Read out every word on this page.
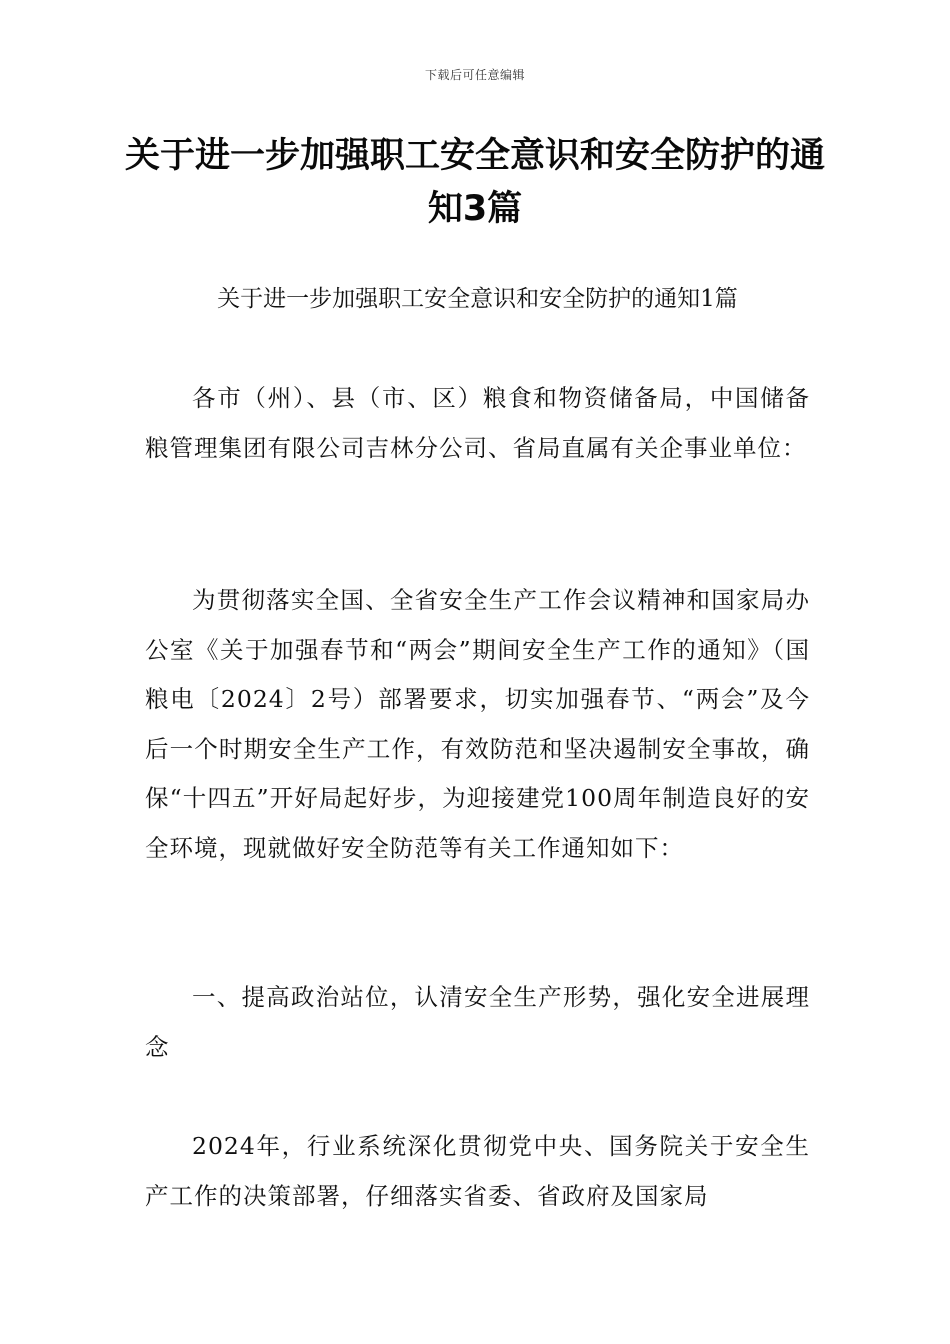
下载后可任意编辑
关于进一步加强职工安全意识和安全防护的通知3篇

关于进一步加强职工安全意识和安全防护的通知1篇

各市（州）、县（市、区）粮食和物资储备局，中国储备粮管理集团有限公司吉林分公司、省局直属有关企事业单位：

为贯彻落实全国、全省安全生产工作会议精神和国家局办公室《关于加强春节和“两会”期间安全生产工作的通知》（国粮电〔2024〕2号）部署要求，切实加强春节、“两会”及今后一个时期安全生产工作，有效防范和坚决遏制安全事故，确保“十四五”开好局起好步，为迎接建党100周年制造良好的安全环境，现就做好安全防范等有关工作通知如下：

一、提高政治站位，认清安全生产形势，强化安全进展理念

2024年，行业系统深化贯彻党中央、国务院关于安全生产工作的决策部署，仔细落实省委、省政府及国家局
